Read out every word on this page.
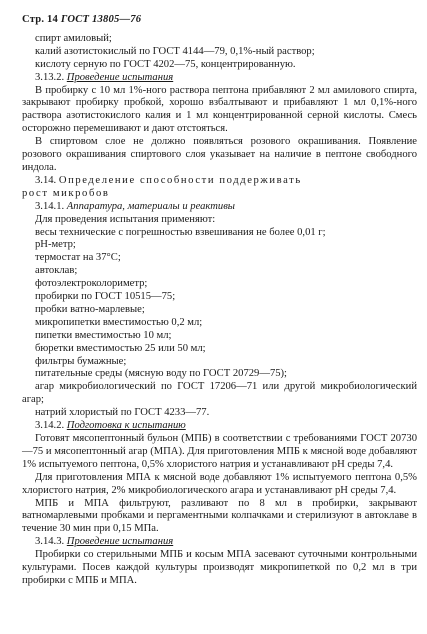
Стр. 14 ГОСТ 13805—76

спирт амиловый;

калий азотистокислый по ГОСТ 4144—79, 0,1%-ный раствор;

кислоту серную по ГОСТ 4202—75, концентрированную.

3.13.2. Проведение испытания

В пробирку с 10 мл 1%-ного раствора пептона прибавляют 2 мл амилового спирта, закрывают пробирку пробкой, хорошо взбалтывают и прибавляют 1 мл 0,1%-ного раствора азотистокислого калия и 1 мл концентрированной серной кислоты. Смесь осторожно перемешивают и дают отстояться.

В спиртовом слое не должно появляться розового окрашивания. Появление розового окрашивания спиртового слоя указывает на наличие в пептоне свободного индола.

3.14. Определение способности поддерживать

рост микробов

3.14.1. Аппаратура, материалы и реактивы

Для проведения испытания применяют:

весы технические с погрешностью взвешивания не более 0,01 г;

рН-метр;

термостат на 37°С;

автоклав;

фотоэлектроколориметр;

пробирки по ГОСТ 10515—75;

пробки ватно-марлевые;

микропипетки вместимостью 0,2 мл;

пипетки вместимостью 10 мл;

бюретки вместимостью 25 или 50 мл;

фильтры бумажные;

питательные среды (мясную воду по ГОСТ 20729—75);

агар микробиологический по ГОСТ 17206—71 или другой микробиологический агар;

натрий хлористый по ГОСТ 4233—77.

3.14.2. Подготовка к испытанию

Готовят мясопептонный бульон (МПБ) в соответствии с требованиями ГОСТ 20730—75 и мясопептонный агар (МПА). Для приготовления МПБ к мясной воде добавляют 1% испытуемого пептона, 0,5% хлористого натрия и устанавливают рН среды 7,4.

Для приготовления МПА к мясной воде добавляют 1% испытуемого пептона 0,5% хлористого натрия, 2% микробиологического агара и устанавливают рН среды 7,4.

МПБ и МПА фильтруют, разливают по 8 мл в пробирки, закрывают ватномарлевыми пробками и пергаментными колпачками и стерилизуют в автоклаве в течение 30 мин при 0,15 МПа.

3.14.3. Проведение испытания

Пробирки со стерильными МПБ и косым МПА засевают суточными контрольными культурами. Посев каждой культуры производят микропипеткой по 0,2 мл в три пробирки с МПБ и МПА.
